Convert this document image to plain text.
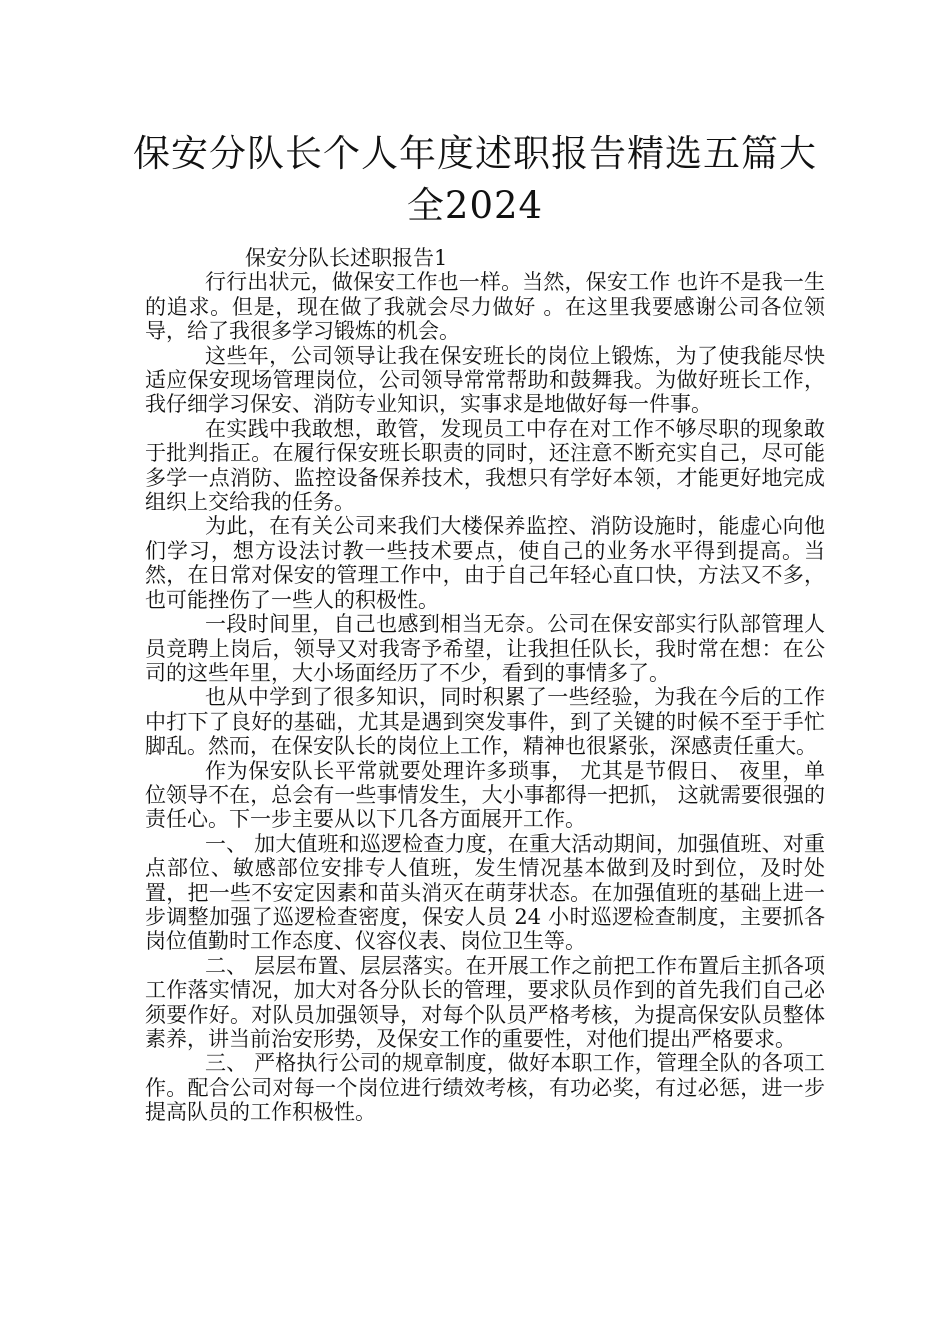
保安分队长个人年度述职报告精选五篇大全2024

保安分队长述职报告1

行行出状元，做保安工作也一样。当然，保安工作 也许不是我一生的追求。但是，现在做了我就会尽力做好 。在这里我要感谢公司各位领导，给了我很多学习锻炼的机会。

这些年，公司领导让我在保安班长的岗位上锻炼，为了使我能尽快适应保安现场管理岗位，公司领导常常帮助和鼓舞我。为做好班长工作，我仔细学习保安、消防专业知识，实事求是地做好每一件事。

在实践中我敢想，敢管，发现员工中存在对工作不够尽职的现象敢于批判指正。在履行保安班长职责的同时，还注意不断充实自己，尽可能多学一点消防、监控设备保养技术，我想只有学好本领，才能更好地完成组织上交给我的任务。

为此，在有关公司来我们大楼保养监控、消防设施时，能虚心向他们学习，想方设法讨教一些技术要点，使自己的业务水平得到提高。当然，在日常对保安的管理工作中，由于自己年轻心直口快，方法又不多，也可能挫伤了一些人的积极性。

一段时间里，自己也感到相当无奈。公司在保安部实行队部管理人员竞聘上岗后，领导又对我寄予希望，让我担任队长，我时常在想：在公司的这些年里，大小场面经历了不少，看到的事情多了。

也从中学到了很多知识，同时积累了一些经验，为我在今后的工作中打下了良好的基础，尤其是遇到突发事件，到了关键的时候不至于手忙脚乱。然而，在保安队长的岗位上工作，精神也很紧张，深感责任重大。

作为保安队长平常就要处理许多琐事， 尤其是节假日、 夜里，单位领导不在，总会有一些事情发生，大小事都得一把抓， 这就需要很强的责任心。下一步主要从以下几各方面展开工作。

一、 加大值班和巡逻检查力度，在重大活动期间，加强值班、对重点部位、敏感部位安排专人值班，发生情况基本做到及时到位，及时处置，把一些不安定因素和苗头消灭在萌芽状态。在加强值班的基础上进一步调整加强了巡逻检查密度，保安人员 24 小时巡逻检查制度，主要抓各岗位值勤时工作态度、仪容仪表、岗位卫生等。

二、 层层布置、层层落实。在开展工作之前把工作布置后主抓各项工作落实情况，加大对各分队长的管理，要求队员作到的首先我们自己必须要作好。对队员加强领导，对每个队员严格考核，为提高保安队员整体素养，讲当前治安形势，及保安工作的重要性，对他们提出严格要求。

三、 严格执行公司的规章制度，做好本职工作，管理全队的各项工作。配合公司对每一个岗位进行绩效考核，有功必奖，有过必惩，进一步提高队员的工作积极性。
